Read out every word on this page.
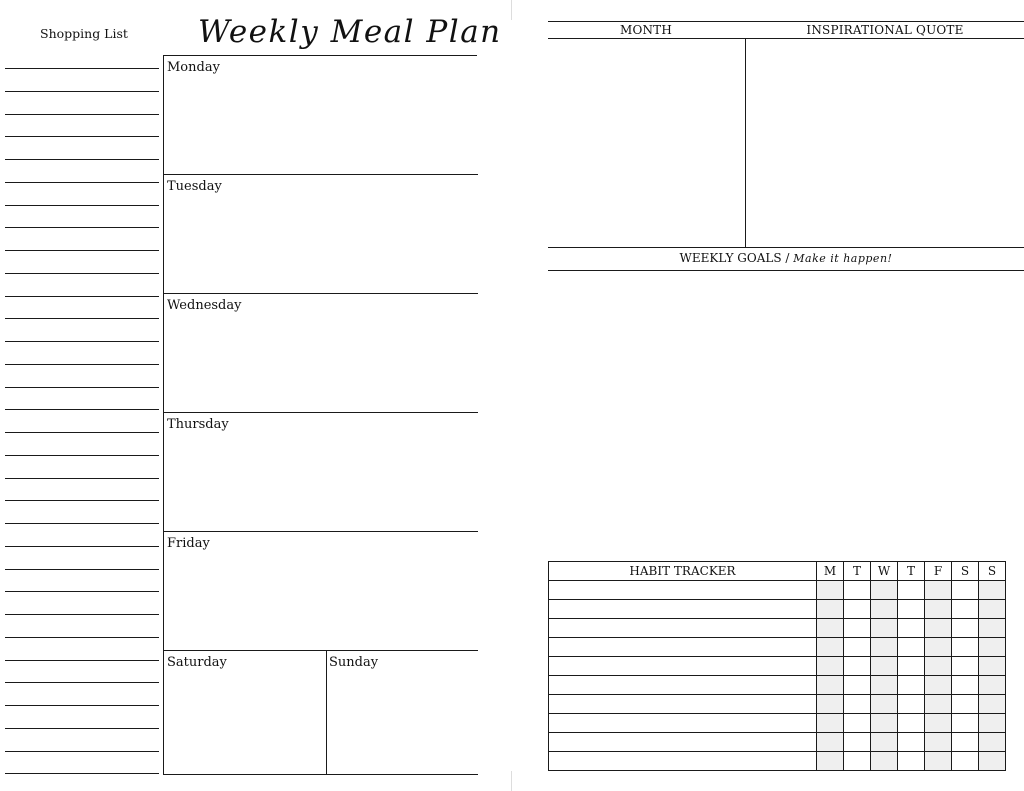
Shopping List Weekly Meal Plan
Monday
Tuesday
Wednesday
Thursday
Friday
Saturday	Sunday
MONTH	INSPIRATIONAL QUOTE
WEEKLY GOALS / Make it happen!
HABIT TRACKER	M	T	W	T	F	S	S
